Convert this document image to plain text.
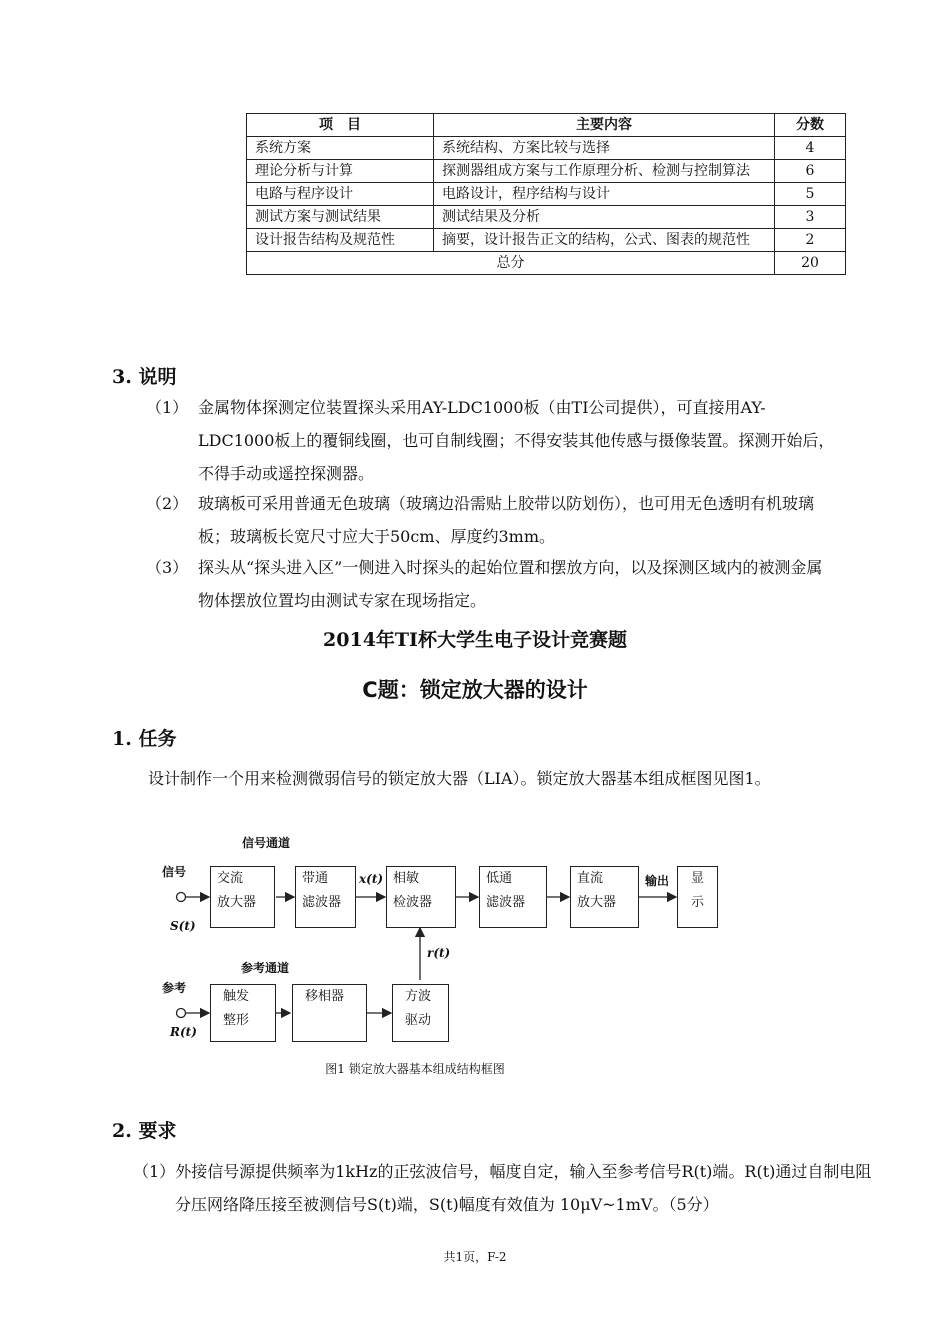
项　目	主要内容	分数
系统方案	系统结构、方案比较与选择	4
理论分析与计算	探测器组成方案与工作原理分析、检测与控制算法	6
电路与程序设计	电路设计，程序结构与设计	5
测试方案与测试结果	测试结果及分析	3
设计报告结构及规范性	摘要，设计报告正文的结构，公式、图表的规范性	2
总分		20
3. 说明
（1） 金属物体探测定位装置探头采用AY-LDC1000板（由TI公司提供），可直接用AY-LDC1000板上的覆铜线圈，也可自制线圈；不得安装其他传感与摄像装置。探测开始后，不得手动或遥控探测器。
（2） 玻璃板可采用普通无色玻璃（玻璃边沿需贴上胶带以防划伤），也可用无色透明有机玻璃板；玻璃板长宽尺寸应大于50cm、厚度约3mm。
（3） 探头从“探头进入区”一侧进入时探头的起始位置和摆放方向，以及探测区域内的被测金属物体摆放位置均由测试专家在现场指定。
2014年TI杯大学生电子设计竞赛题
C题：锁定放大器的设计
1. 任务
设计制作一个用来检测微弱信号的锁定放大器（LIA）。锁定放大器基本组成框图见图1。
信号通道
信号
S(t)
x(t)
r(t)
输出
参考通道
参考
R(t)
交流
放大器
带通
滤波器
相敏
检波器
低通
滤波器
直流
放大器
显
示
触发
整形
移相器	方波
驱动
图1 锁定放大器基本组成结构框图
2. 要求
（1）外接信号源提供频率为1kHz的正弦波信号，幅度自定，输入至参考信号R(t)端。R(t)通过自制电阻分压网络降压接至被测信号S(t)端，S(t)幅度有效值为 10μV~1mV。（5分）
共1页，F-2
